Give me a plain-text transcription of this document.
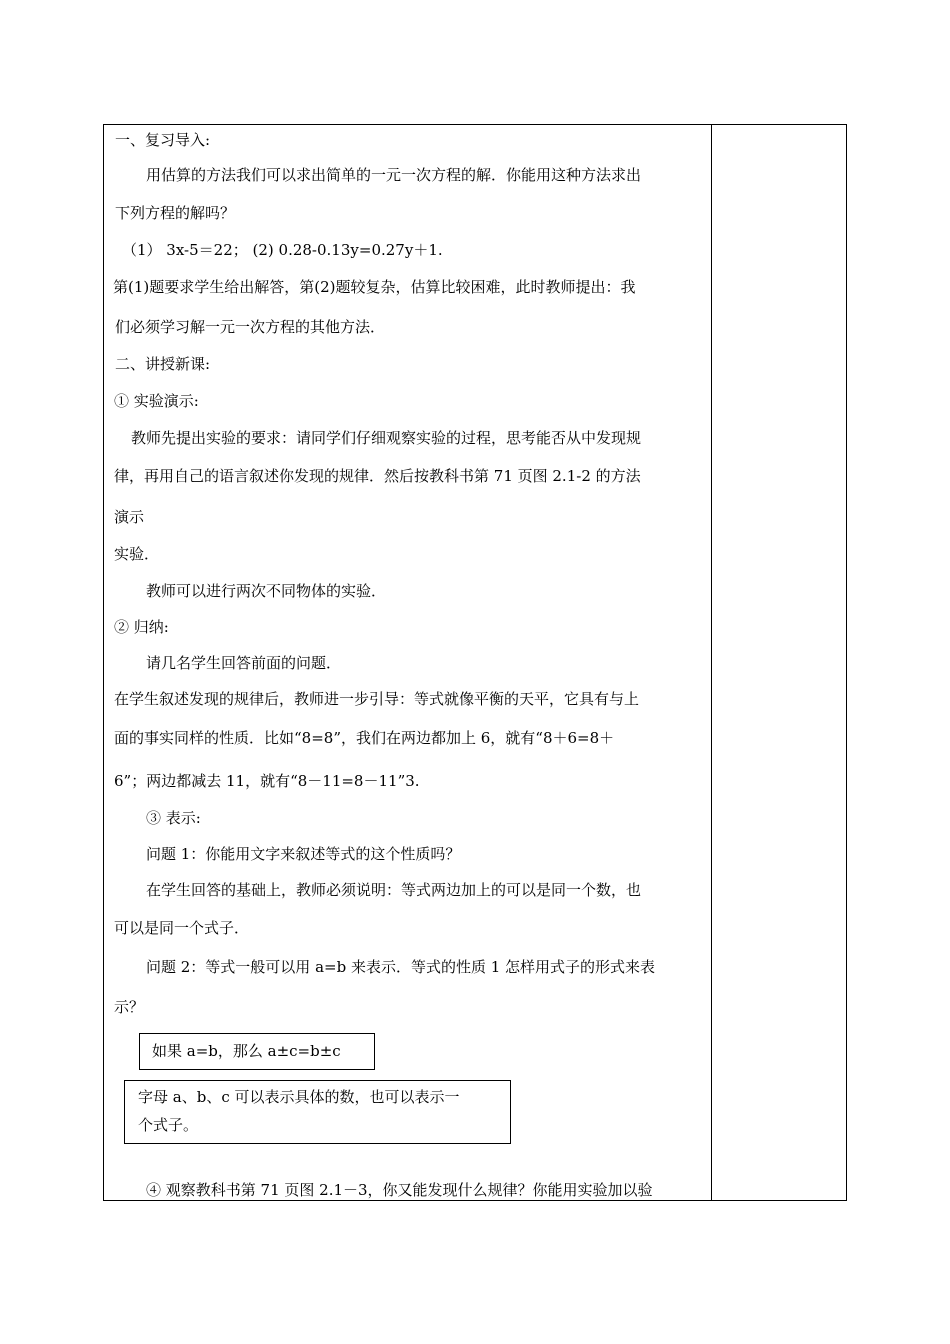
一、复习导入:
用估算的方法我们可以求出简单的一元一次方程的解．你能用这种方法求出
下列方程的解吗？
（1） 3x-5＝22； (2) 0.28-0.13y=0.27y＋1.
第(1)题要求学生给出解答，第(2)题较复杂，估算比较困难，此时教师提出：我
们必须学习解一元一次方程的其他方法．
二、讲授新课:
① 实验演示:
教师先提出实验的要求：请同学们仔细观察实验的过程，思考能否从中发现规
律，再用自己的语言叙述你发现的规律．然后按教科书第 71 页图 2.1-2 的方法
演示
实验．
教师可以进行两次不同物体的实验．
② 归纳:
请几名学生回答前面的问题．
在学生叙述发现的规律后，教师进一步引导：等式就像平衡的天平，它具有与上
面的事实同样的性质．比如“8=8”，我们在两边都加上 6，就有“8＋6=8＋
6”；两边都减去 11，就有“8－11=8－11”3.
③ 表示:
问题 1：你能用文字来叙述等式的这个性质吗？
在学生回答的基础上，教师必须说明：等式两边加上的可以是同一个数，也
可以是同一个式子．
问题 2：等式一般可以用 a=b 来表示．等式的性质 1 怎样用式子的形式来表
示？
如果 a=b，那么 a±c=b±c
字母 a、b、c 可以表示具体的数，也可以表示一
个式子。
④ 观察教科书第 71 页图 2.1－3，你又能发现什么规律？你能用实验加以验
